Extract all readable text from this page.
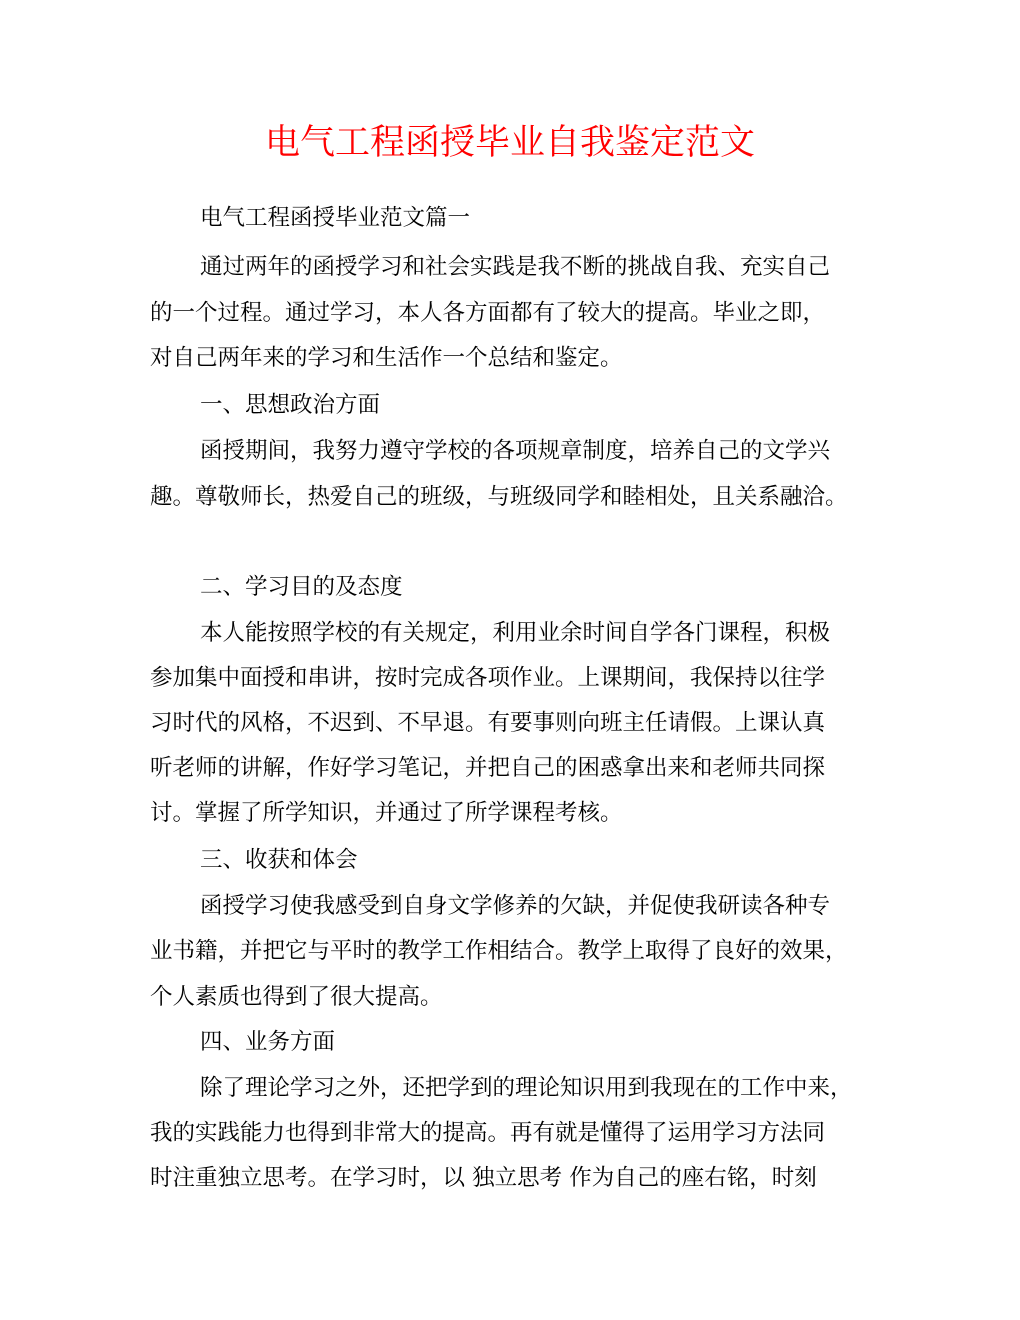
电气工程函授毕业自我鉴定范文
电气工程函授毕业范文篇一
通过两年的函授学习和社会实践是我不断的挑战自我、充实自己
的一个过程。通过学习，本人各方面都有了较大的提高。毕业之即，
对自己两年来的学习和生活作一个总结和鉴定。
一、思想政治方面
函授期间，我努力遵守学校的各项规章制度，培养自己的文学兴
趣。尊敬师长，热爱自己的班级，与班级同学和睦相处，且关系融洽。
二、学习目的及态度
本人能按照学校的有关规定，利用业余时间自学各门课程，积极
参加集中面授和串讲，按时完成各项作业。上课期间，我保持以往学
习时代的风格，不迟到、不早退。有要事则向班主任请假。上课认真
听老师的讲解，作好学习笔记，并把自己的困惑拿出来和老师共同探
讨。掌握了所学知识，并通过了所学课程考核。
三、收获和体会
函授学习使我感受到自身文学修养的欠缺，并促使我研读各种专
业书籍，并把它与平时的教学工作相结合。教学上取得了良好的效果，
个人素质也得到了很大提高。
四、业务方面
除了理论学习之外，还把学到的理论知识用到我现在的工作中来，
我的实践能力也得到非常大的提高。再有就是懂得了运用学习方法同
时注重独立思考。在学习时，以 独立思考 作为自己的座右铭，时刻
